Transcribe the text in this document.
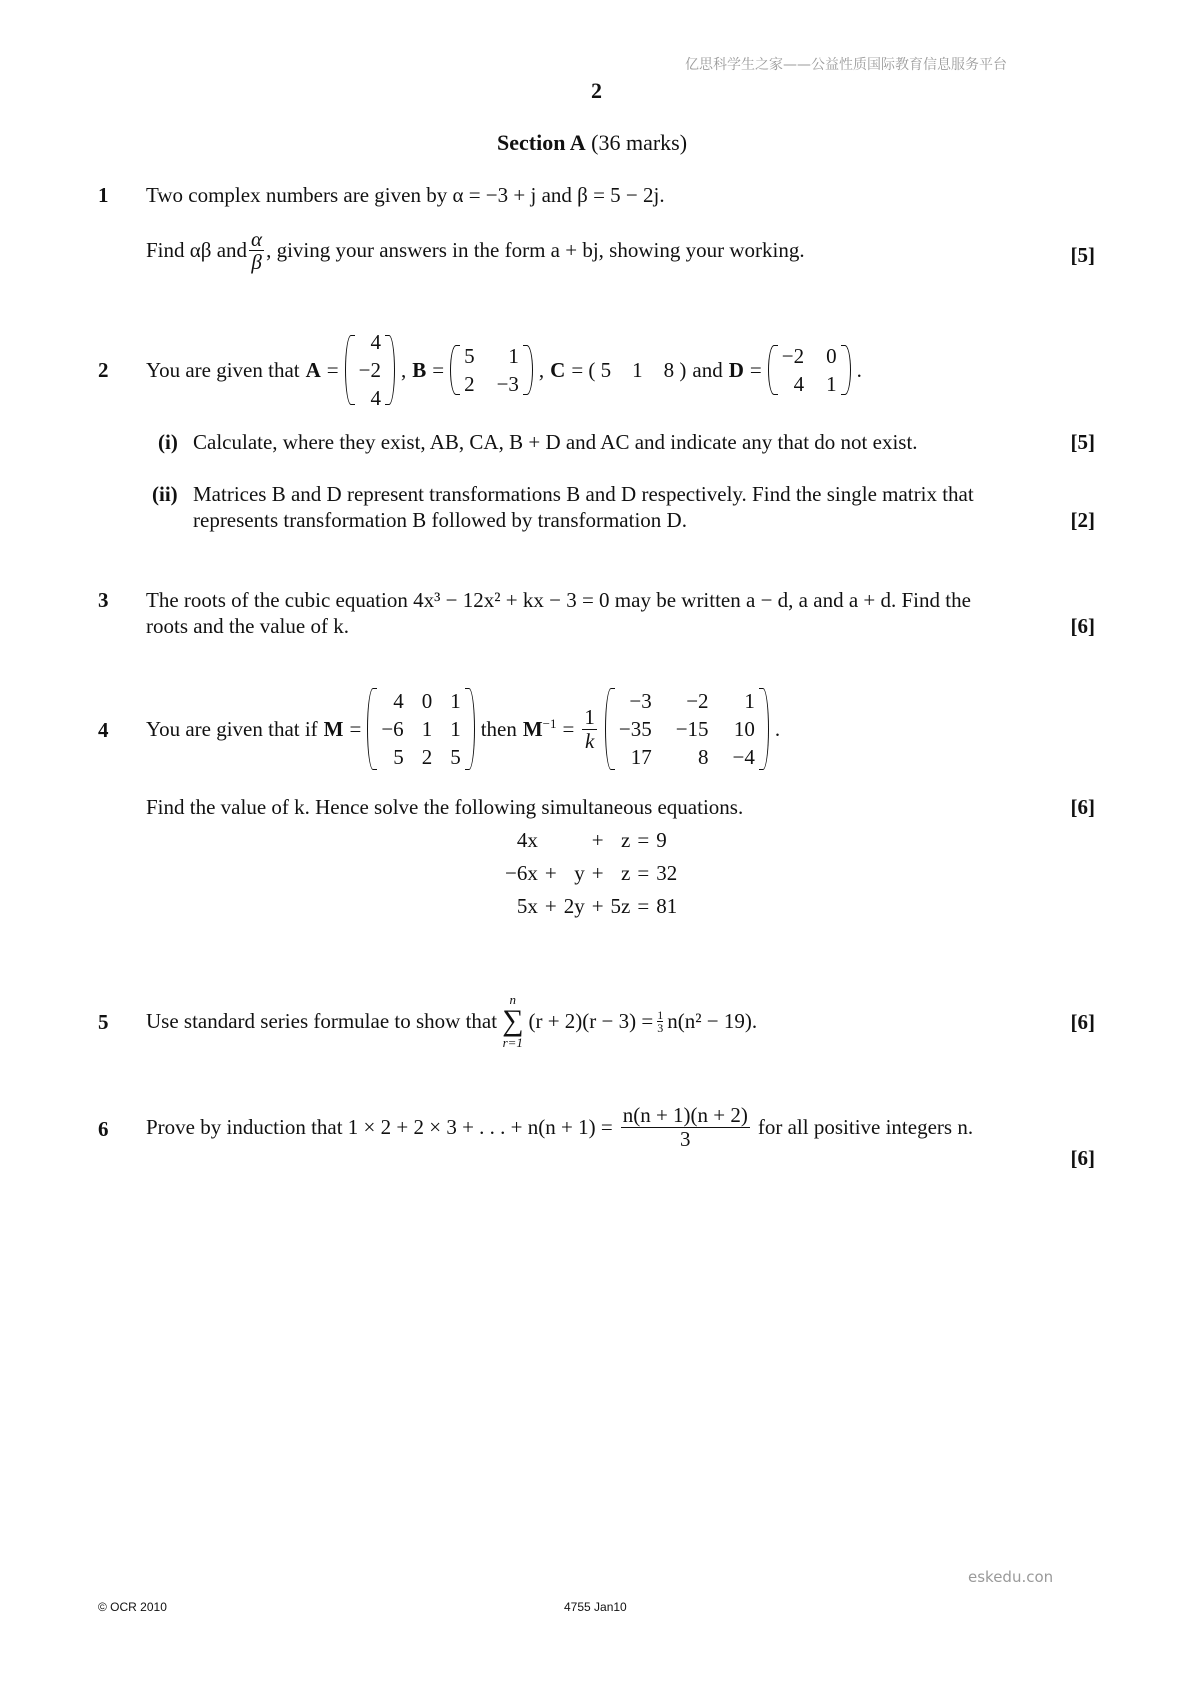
亿思科学生之家——公益性质国际教育信息服务平台
2
Section A (36 marks)
1 Two complex numbers are given by α = −3 + j and β = 5 − 2j.
Find αβ and $\frac{\alpha}{\beta}$ , giving your answers in the form a + bj, showing your working.	[5]
2 You are given that A =
4
−2
4
, B =
5	1
2 −3
, C = ( 5    1    8 ) and D =
−2 0
4 1
.
(i) Calculate, where they exist, AB, CA, B + D and AC and indicate any that do not exist.	[5]
(ii) Matrices B and D represent transformations B and D respectively. Find the single matrix that
represents transformation B followed by transformation D.	[2]
3 The roots of the cubic equation 4x³ − 12x² + kx − 3 = 0 may be written a − d, a and a + d. Find the
roots and the value of k.	[6]
4 You are given that if M =
4 0 1
−6 1 1
5 2 5
then $M^{-1} = \frac{1}{k}$
−3	−2	1
−35 −15 10
17	8 −4
.
Find the value of k. Hence solve the following simultaneous equations.	[6]
4x	+ z = 9
−6x + y + z = 32
5x + 2y + 5z = 81
5 Use standard series formulae to show that
n
∑
r=1
$(r + 2)(r - 3) = \frac{1}{3} n(n^2 - 19)$.	[6]
6 Prove by induction that 1 × 2 + 2 × 3 + . . . + $n(n + 1) = \frac{n(n + 1)(n + 2)}{3}$ for all positive integers n.
[6]
eskedu.con
© OCR 2010	4755 Jan10
